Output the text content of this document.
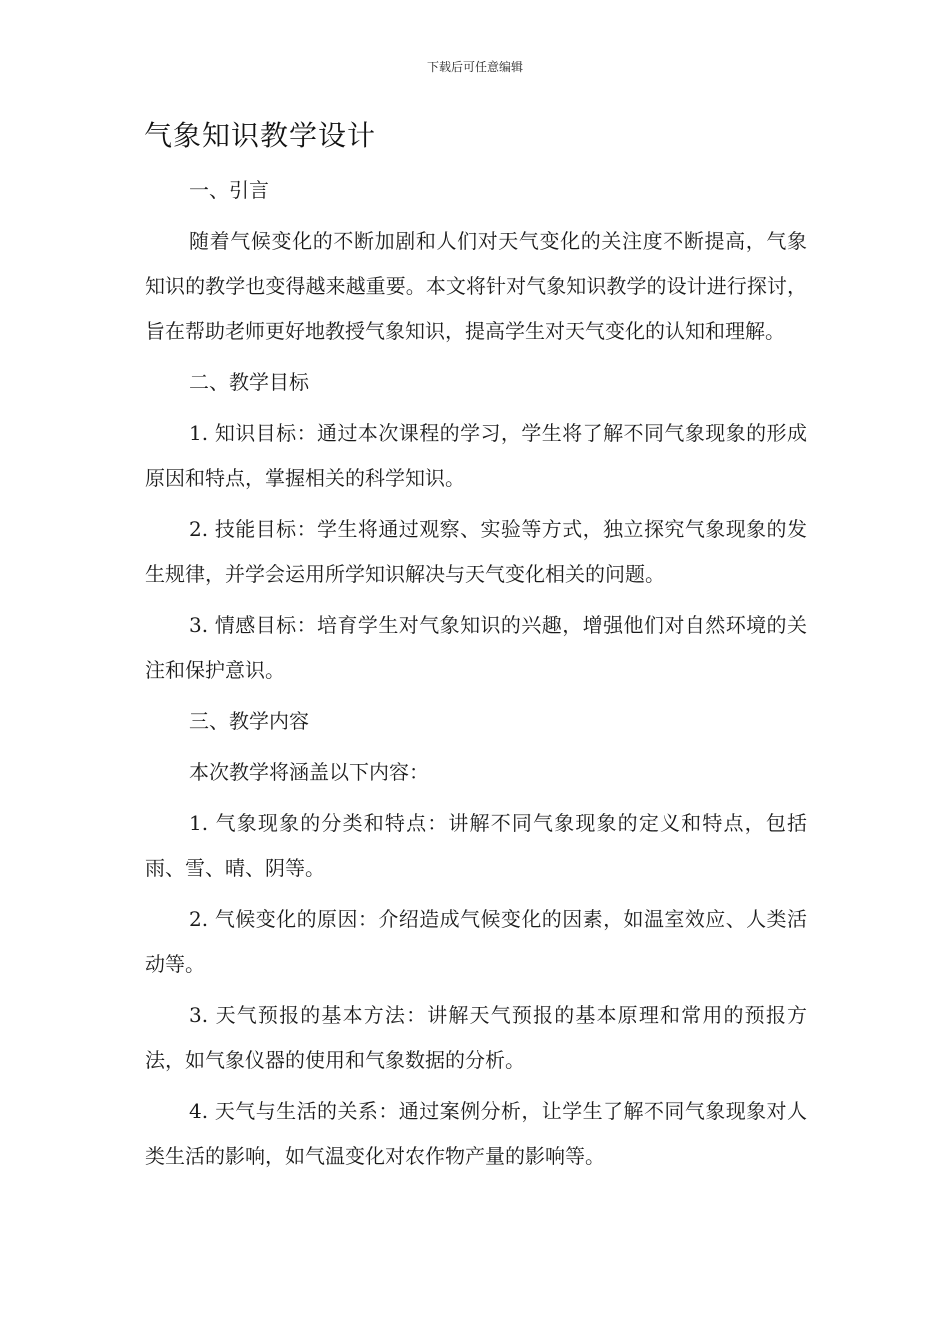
下载后可任意编辑
气象知识教学设计

一、引言

随着气候变化的不断加剧和人们对天气变化的关注度不断提高，气象知识的教学也变得越来越重要。本文将针对气象知识教学的设计进行探讨，旨在帮助老师更好地教授气象知识，提高学生对天气变化的认知和理解。

二、教学目标

1. 知识目标：通过本次课程的学习，学生将了解不同气象现象的形成原因和特点，掌握相关的科学知识。

2. 技能目标：学生将通过观察、实验等方式，独立探究气象现象的发生规律，并学会运用所学知识解决与天气变化相关的问题。

3. 情感目标：培育学生对气象知识的兴趣，增强他们对自然环境的关注和保护意识。

三、教学内容

本次教学将涵盖以下内容：

1. 气象现象的分类和特点：讲解不同气象现象的定义和特点，包括雨、雪、晴、阴等。

2. 气候变化的原因：介绍造成气候变化的因素，如温室效应、人类活动等。

3. 天气预报的基本方法：讲解天气预报的基本原理和常用的预报方法，如气象仪器的使用和气象数据的分析。

4. 天气与生活的关系：通过案例分析，让学生了解不同气象现象对人类生活的影响，如气温变化对农作物产量的影响等。
